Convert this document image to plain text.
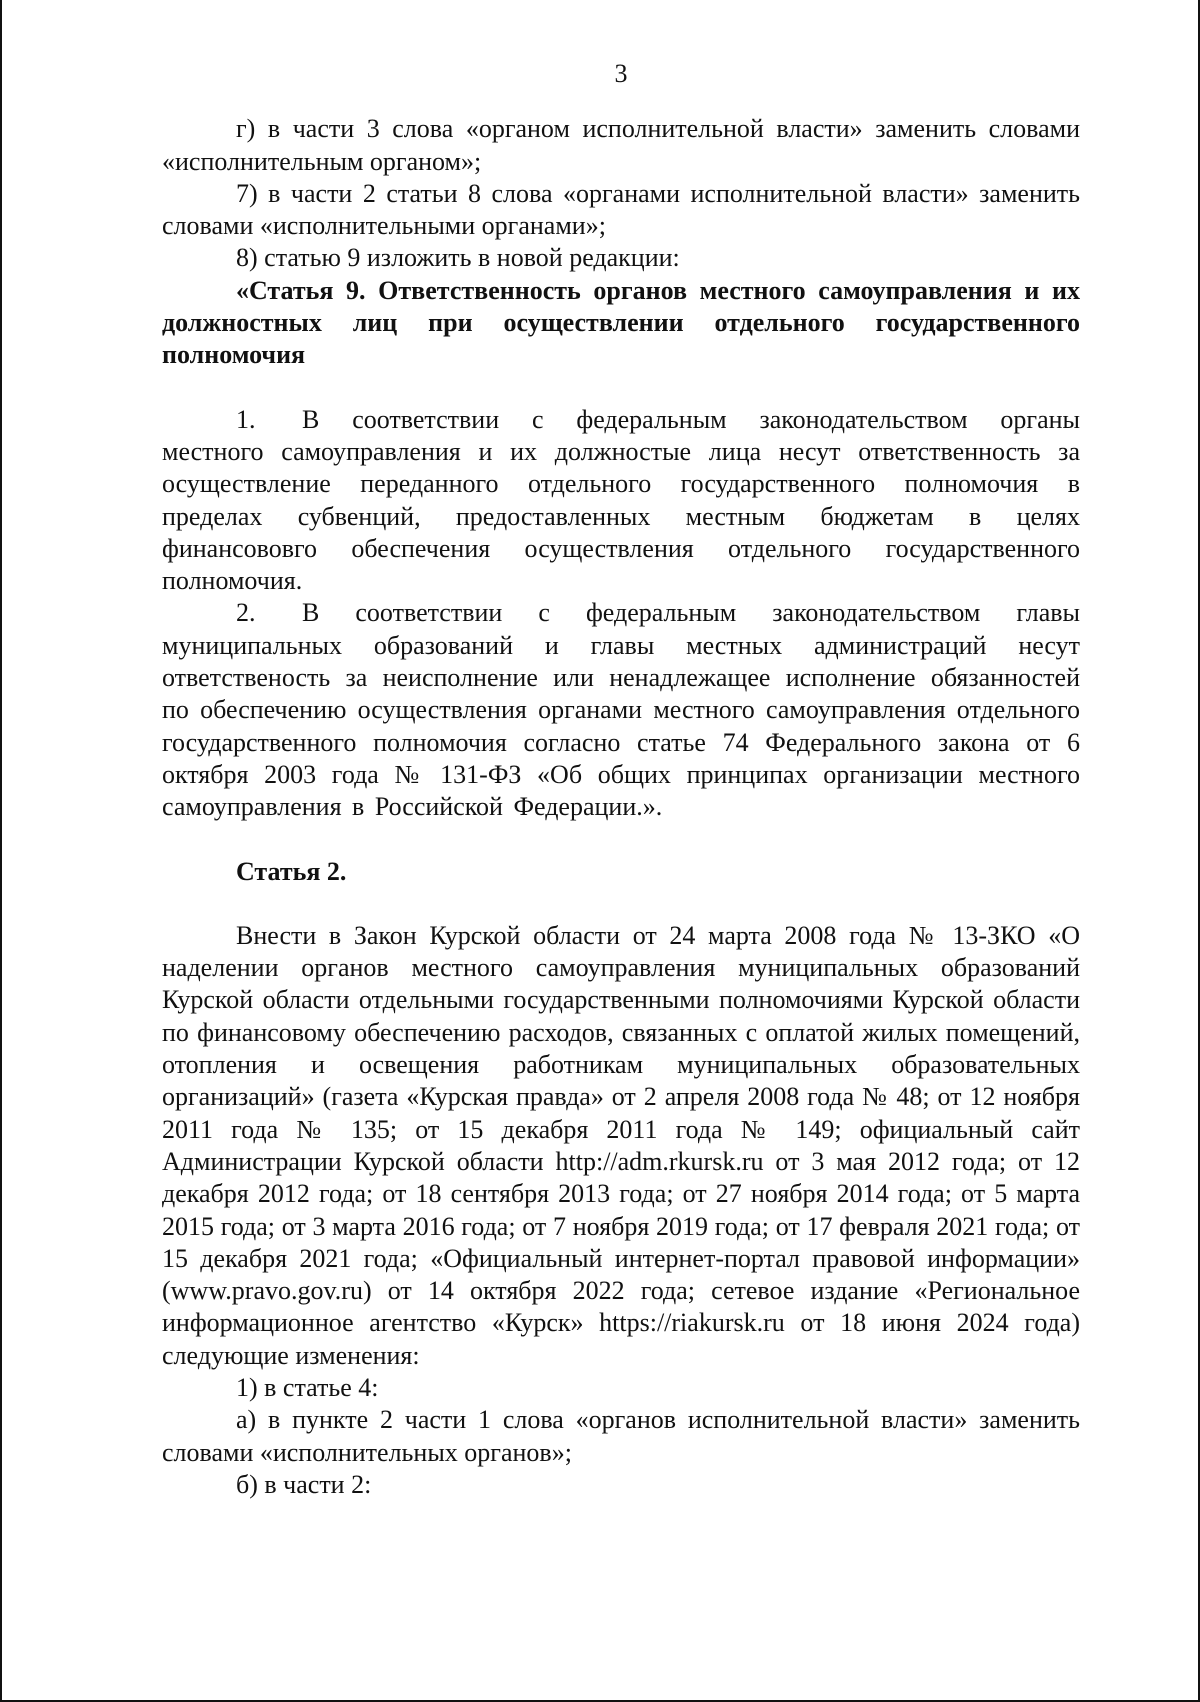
3

г) в части 3 слова «органом исполнительной власти» заменить словами «исполнительным органом»;

7) в части 2 статьи 8 слова «органами исполнительной власти» заменить словами «исполнительными органами»;

8) статью 9 изложить в новой редакции:

«Статья 9. Ответственность органов местного самоуправления и их должностных лиц при осуществлении отдельного государственного полномочия

1. В соответствии с федеральным законодательством органы местного самоуправления и их должностые лица несут ответственность за осуществление переданного отдельного государственного полномочия в пределах субвенций, предоставленных местным бюджетам в целях финансововго обеспечения осуществления отдельного государственного полномочия.

2. В соответствии с федеральным законодательством главы муниципальных образований и главы местных администраций несут ответственость за неисполнение или ненадлежащее исполнение обязанностей по обеспечению осуществления органами местного самоуправления отдельного государственного полномочия согласно статье 74 Федерального закона от 6 октября 2003 года № 131-ФЗ «Об общих принципах организации местного самоуправления в Российской Федерации.».

Статья 2.

Внести в Закон Курской области от 24 марта 2008 года № 13-ЗКО «О наделении органов местного самоуправления муниципальных образований Курской области отдельными государственными полномочиями Курской области по финансовому обеспечению расходов, связанных с оплатой жилых помещений, отопления и освещения работникам муниципальных образовательных организаций» (газета «Курская правда» от 2 апреля 2008 года № 48; от 12 ноября 2011 года № 135; от 15 декабря 2011 года № 149; официальный сайт Администрации Курской области http://adm.rkursk.ru от 3 мая 2012 года; от 12 декабря 2012 года; от 18 сентября 2013 года; от 27 ноября 2014 года; от 5 марта 2015 года; от 3 марта 2016 года; от 7 ноября 2019 года; от 17 февраля 2021 года; от 15 декабря 2021 года; «Официальный интернет-портал правовой информации» (www.pravo.gov.ru) от 14 октября 2022 года; сетевое издание «Региональное информационное агентство «Курск» https://riakursk.ru от 18 июня 2024 года) следующие изменения:

1) в статье 4:

а) в пункте 2 части 1 слова «органов исполнительной власти» заменить словами «исполнительных органов»;

б) в части 2:
